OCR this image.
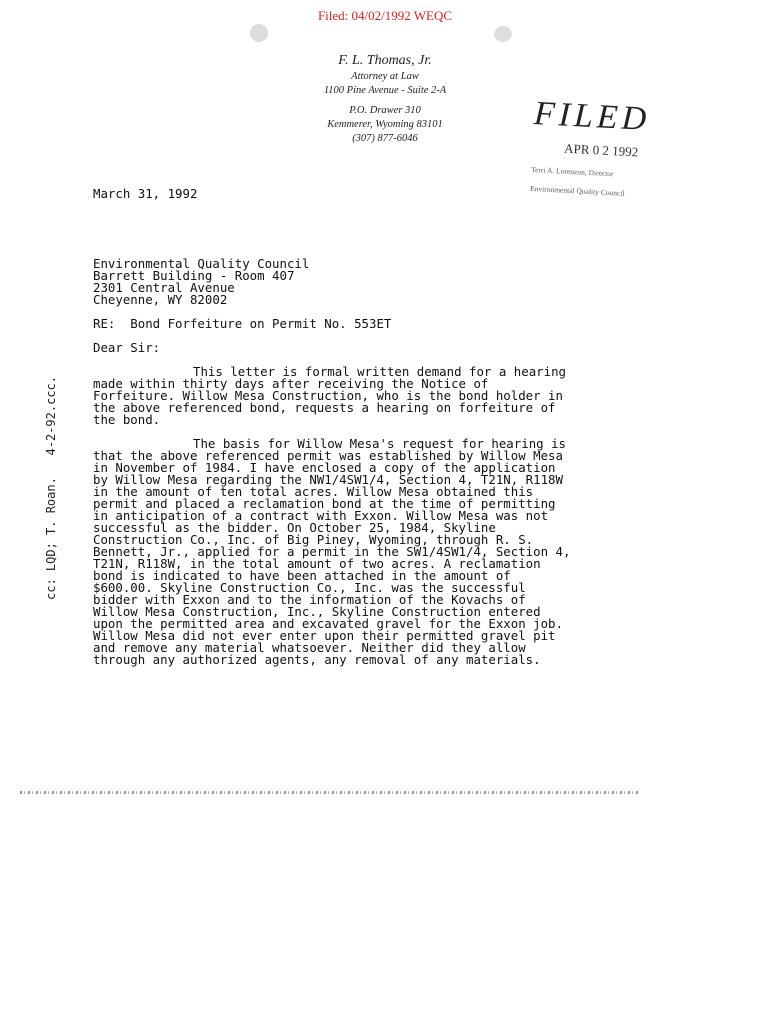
Filed: 04/02/1992 WEQC
F. L. Thomas, Jr.
Attorney at Law
1100 Pine Avenue - Suite 2-A
P.O. Drawer 310
Kemmerer, Wyoming 83101
(307) 877-6046
FILED
APR 0 2 1992
Terri A. Lorenzon, Director
Environmental Quality Council
March 31, 1992
Environmental Quality Council
Barrett Building - Room 407
2301 Central Avenue
Cheyenne, WY 82002
RE:  Bond Forfeiture on Permit No. 553ET
Dear Sir:
This letter is formal written demand for a hearing
made within thirty days after receiving the Notice of
Forfeiture. Willow Mesa Construction, who is the bond holder in
the above referenced bond, requests a hearing on forfeiture of
the bond.
The basis for Willow Mesa's request for hearing is
that the above referenced permit was established by Willow Mesa
in November of 1984. I have enclosed a copy of the application
by Willow Mesa regarding the NW1/4SW1/4, Section 4, T21N, R118W
in the amount of ten total acres. Willow Mesa obtained this
permit and placed a reclamation bond at the time of permitting
in anticipation of a contract with Exxon. Willow Mesa was not
successful as the bidder. On October 25, 1984, Skyline
Construction Co., Inc. of Big Piney, Wyoming, through R. S.
Bennett, Jr., applied for a permit in the SW1/4SW1/4, Section 4,
T21N, R118W, in the total amount of two acres. A reclamation
bond is indicated to have been attached in the amount of
$600.00. Skyline Construction Co., Inc. was the successful
bidder with Exxon and to the information of the Kovachs of
Willow Mesa Construction, Inc., Skyline Construction entered
upon the permitted area and excavated gravel for the Exxon job.
Willow Mesa did not ever enter upon their permitted gravel pit
and remove any material whatsoever. Neither did they allow
through any authorized agents, any removal of any materials.
cc: LQD; T. Roan.   4-2-92.ccc.
